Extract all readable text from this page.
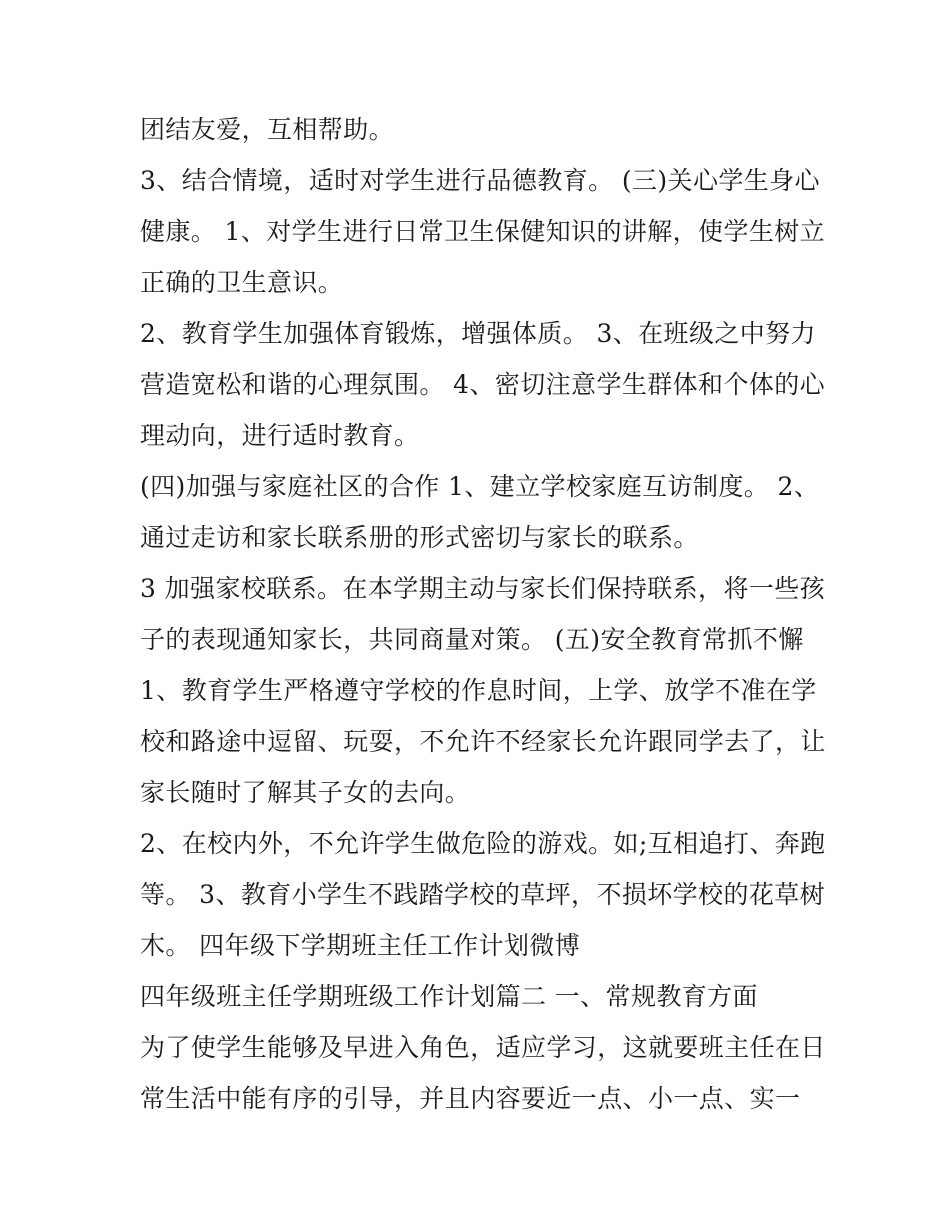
团结友爱，互相帮助。
3、结合情境，适时对学生进行品德教育。 (三)关心学生身心
健康。 1、对学生进行日常卫生保健知识的讲解，使学生树立
正确的卫生意识。
2、教育学生加强体育锻炼，增强体质。 3、在班级之中努力
营造宽松和谐的心理氛围。 4、密切注意学生群体和个体的心
理动向，进行适时教育。
(四)加强与家庭社区的合作 1、建立学校家庭互访制度。 2、
通过走访和家长联系册的形式密切与家长的联系。
3 加强家校联系。在本学期主动与家长们保持联系，将一些孩
子的表现通知家长，共同商量对策。 (五)安全教育常抓不懈
1、教育学生严格遵守学校的作息时间，上学、放学不准在学
校和路途中逗留、玩耍，不允许不经家长允许跟同学去了，让
家长随时了解其子女的去向。
2、在校内外，不允许学生做危险的游戏。如;互相追打、奔跑
等。 3、教育小学生不践踏学校的草坪，不损坏学校的花草树
木。 四年级下学期班主任工作计划微博
四年级班主任学期班级工作计划篇二 一、常规教育方面
为了使学生能够及早进入角色，适应学习，这就要班主任在日
常生活中能有序的引导，并且内容要近一点、小一点、实一
